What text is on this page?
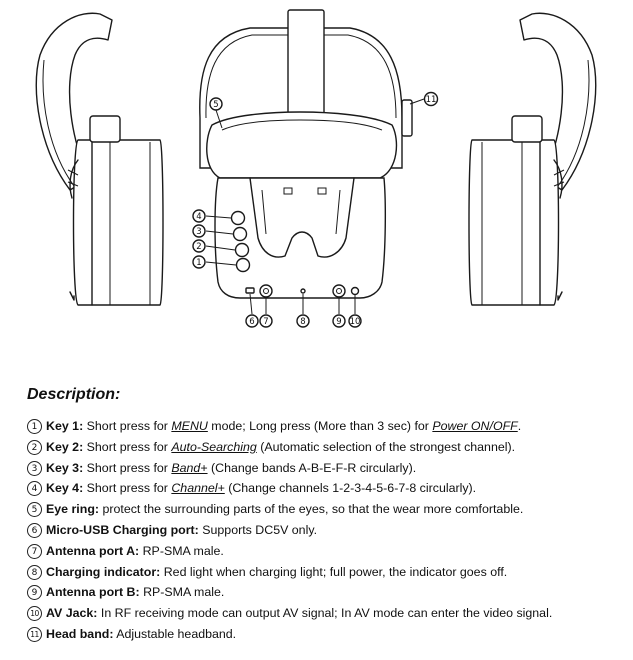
1
2
3
4
5
6 7	8	9 10
11
Description:
1 Key 1: Short press for MENU mode; Long press (More than 3 sec) for Power ON/OFF.
2 Key 2: Short press for Auto-Searching (Automatic selection of the strongest channel).
3 Key 3: Short press for Band+ (Change bands A-B-E-F-R circularly).
4 Key 4: Short press for Channel+ (Change channels 1-2-3-4-5-6-7-8 circularly).
5 Eye ring: protect the surrounding parts of the eyes, so that the wear more comfortable.
6 Micro-USB Charging port: Supports DC5V only.
7 Antenna port A: RP-SMA male.
8 Charging indicator: Red light when charging light; full power, the indicator goes off.
9 Antenna port B: RP-SMA male.
10 AV Jack: In RF receiving mode can output AV signal; In AV mode can enter the video signal.
11 Head band: Adjustable headband.
